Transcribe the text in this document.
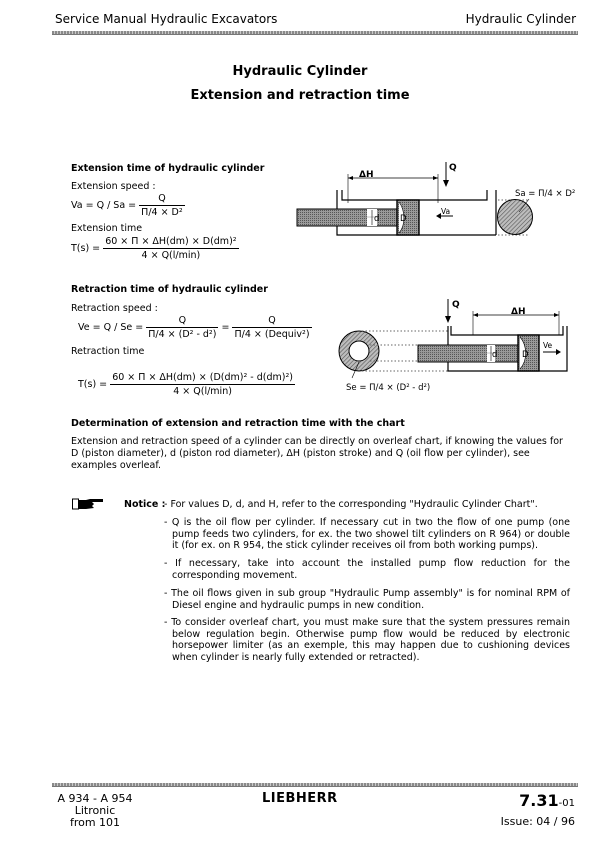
Service Manual Hydraulic Excavators	Hydraulic Cylinder
Hydraulic Cylinder
Extension and retraction time
Extension time of hydraulic cylinder
Extension speed :
$Va = Q / Sa = \frac{Q}{\text{Π/4 × D²}}$
Extension time
$T(s) = \frac{\text{60 × Π × ΔH(dm) × D(dm)²}}{4 \times Q(l/\min)}$
ΔH
Q
d D
Va
Sa = Π/4 × D²
Retraction time of hydraulic cylinder
Retraction speed :
$Ve = Q / Se = \frac{Q}{\text{Π/4 × (D² - d²)}} = \frac{Q}{\text{Π/4 × (Dequiv²)}}$
Retraction time
$T(s) = \frac{\text{60 × Π × ΔH(dm) × (D(dm)² - d(dm)²)}}{4 \times Q(l/\min)}$
ΔH
Q
d	D
Ve
Se = Π/4 × (D² - d²)
Determination of extension and retraction time with the chart
Extension and retraction speed of a cylinder can be directly on overleaf chart, if knowing the values for D (piston diameter), d (piston rod diameter), ΔH (piston stroke) and Q (oil flow per cylinder), see examples overleaf.
Notice :
- For values D, d, and H, refer to the corresponding "Hydraulic Cylinder Chart".
- Q is the oil flow per cylinder. If necessary cut in two the flow of one pump (one pump feeds two cylinders, for ex. the two showel tilt cylinders on R 964) or double it (for ex. on R 954, the stick cylinder receives oil from both working pumps).
- If necessary, take into account the installed pump flow reduction for the corresponding movement.
- The oil flows given in sub group "Hydraulic Pump assembly" is for nominal RPM of Diesel engine and hydraulic pumps in new condition.
- To consider overleaf chart, you must make sure that the system pressures remain below regulation begin. Otherwise pump flow would be reduced by electronic horsepower limiter (as an exemple, this may happen due to cushioning devices when cylinder is nearly fully extended or retracted).
A 934 - A 954
Litronic
from 101
LIEBHERR	7.31-01
Issue: 04 / 96
